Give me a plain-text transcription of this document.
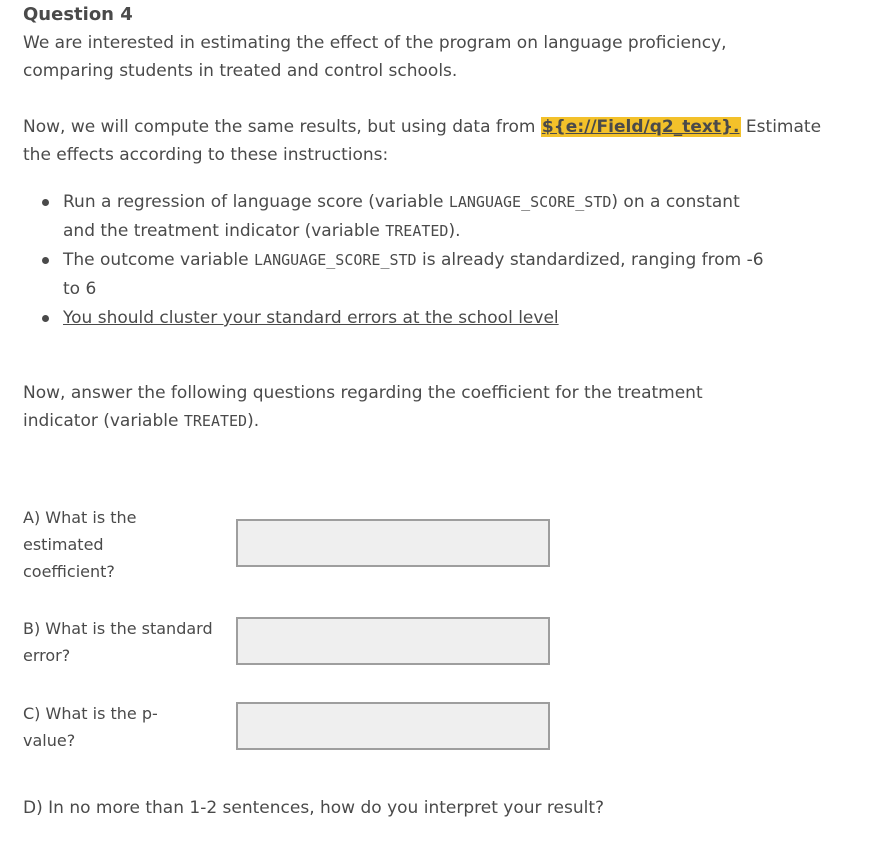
Question 4

We are interested in estimating the effect of the program on language proficiency,
comparing students in treated and control schools.

Now, we will compute the same results, but using data from ${e://Field/q2_text}. Estimate
the effects according to these instructions:

Run a regression of language score (variable LANGUAGE_SCORE_STD) on a constant
and the treatment indicator (variable TREATED).
The outcome variable LANGUAGE_SCORE_STD is already standardized, ranging from -6
to 6
You should cluster your standard errors at the school level

Now, answer the following questions regarding the coefficient for the treatment
indicator (variable TREATED).

A) What is the
estimated
coefficient?

B) What is the standard
error?

C) What is the p-
value?

D) In no more than 1-2 sentences, how do you interpret your result?
